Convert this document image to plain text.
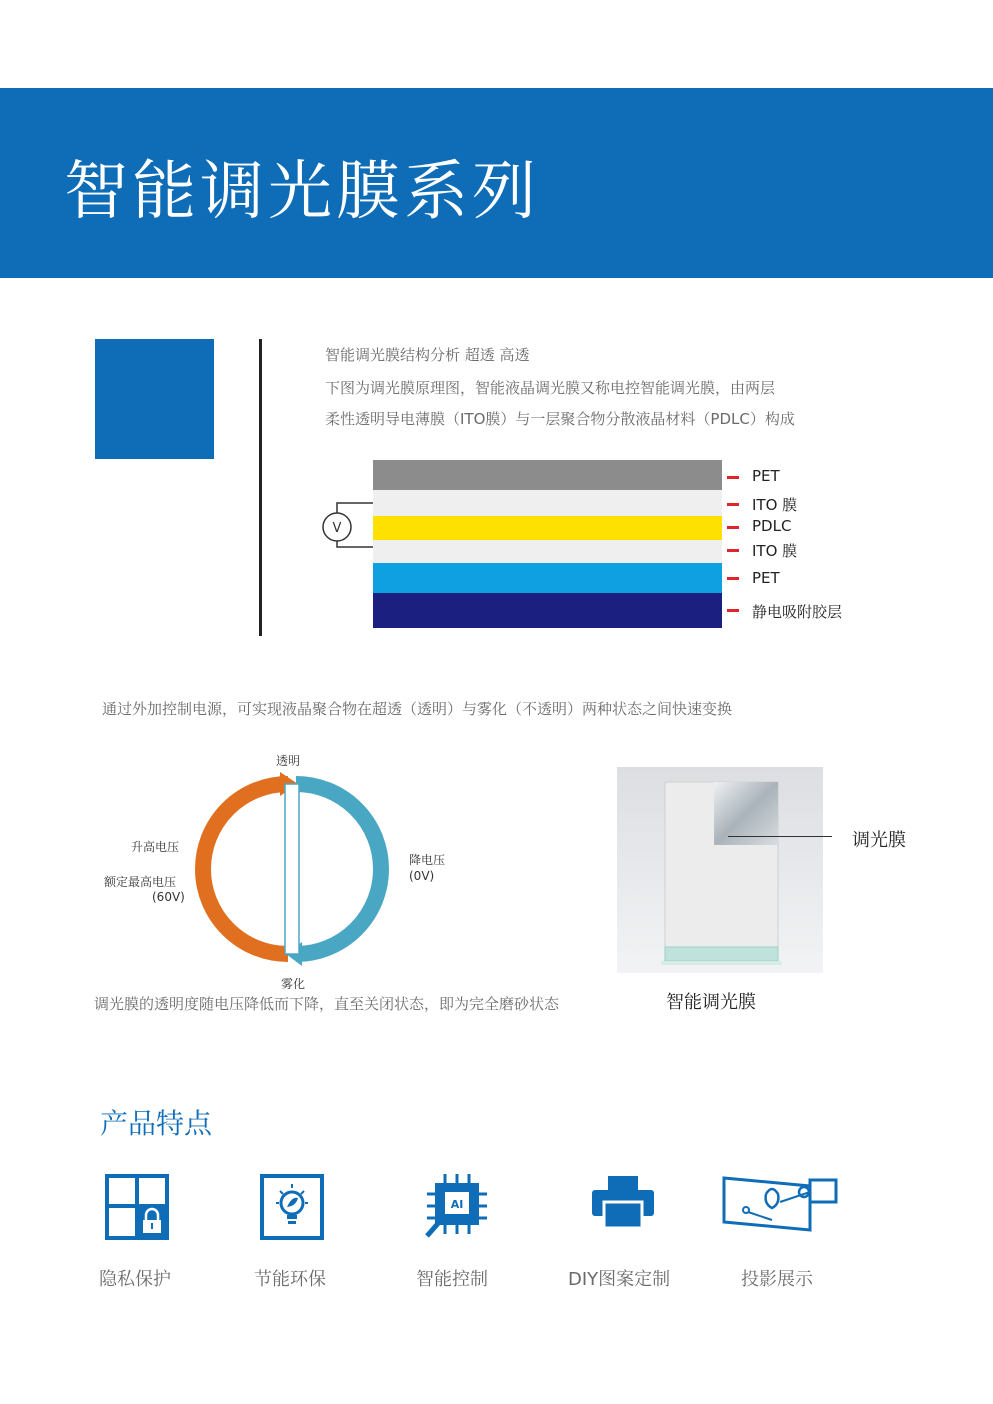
智能调光膜系列
智能调光膜结构分析 超透 高透
下图为调光膜原理图，智能液晶调光膜又称电控智能调光膜，由两层
柔性透明导电薄膜（ITO膜）与一层聚合物分散液晶材料（PDLC）构成
PET
ITO 膜
PDLC
ITO 膜
PET
静电吸附胶层
V
通过外加控制电源，可实现液晶聚合物在超透（透明）与雾化（不透明）两种状态之间快速变换
透明
雾化
升高电压
额定最高电压
(60V)
降电压
(0V)
调光膜的透明度随电压降低而下降，直至关闭状态，即为完全磨砂状态
调光膜
智能调光膜
产品特点
隐私保护	节能环保
AI
智能控制	DIY图案定制	投影展示
